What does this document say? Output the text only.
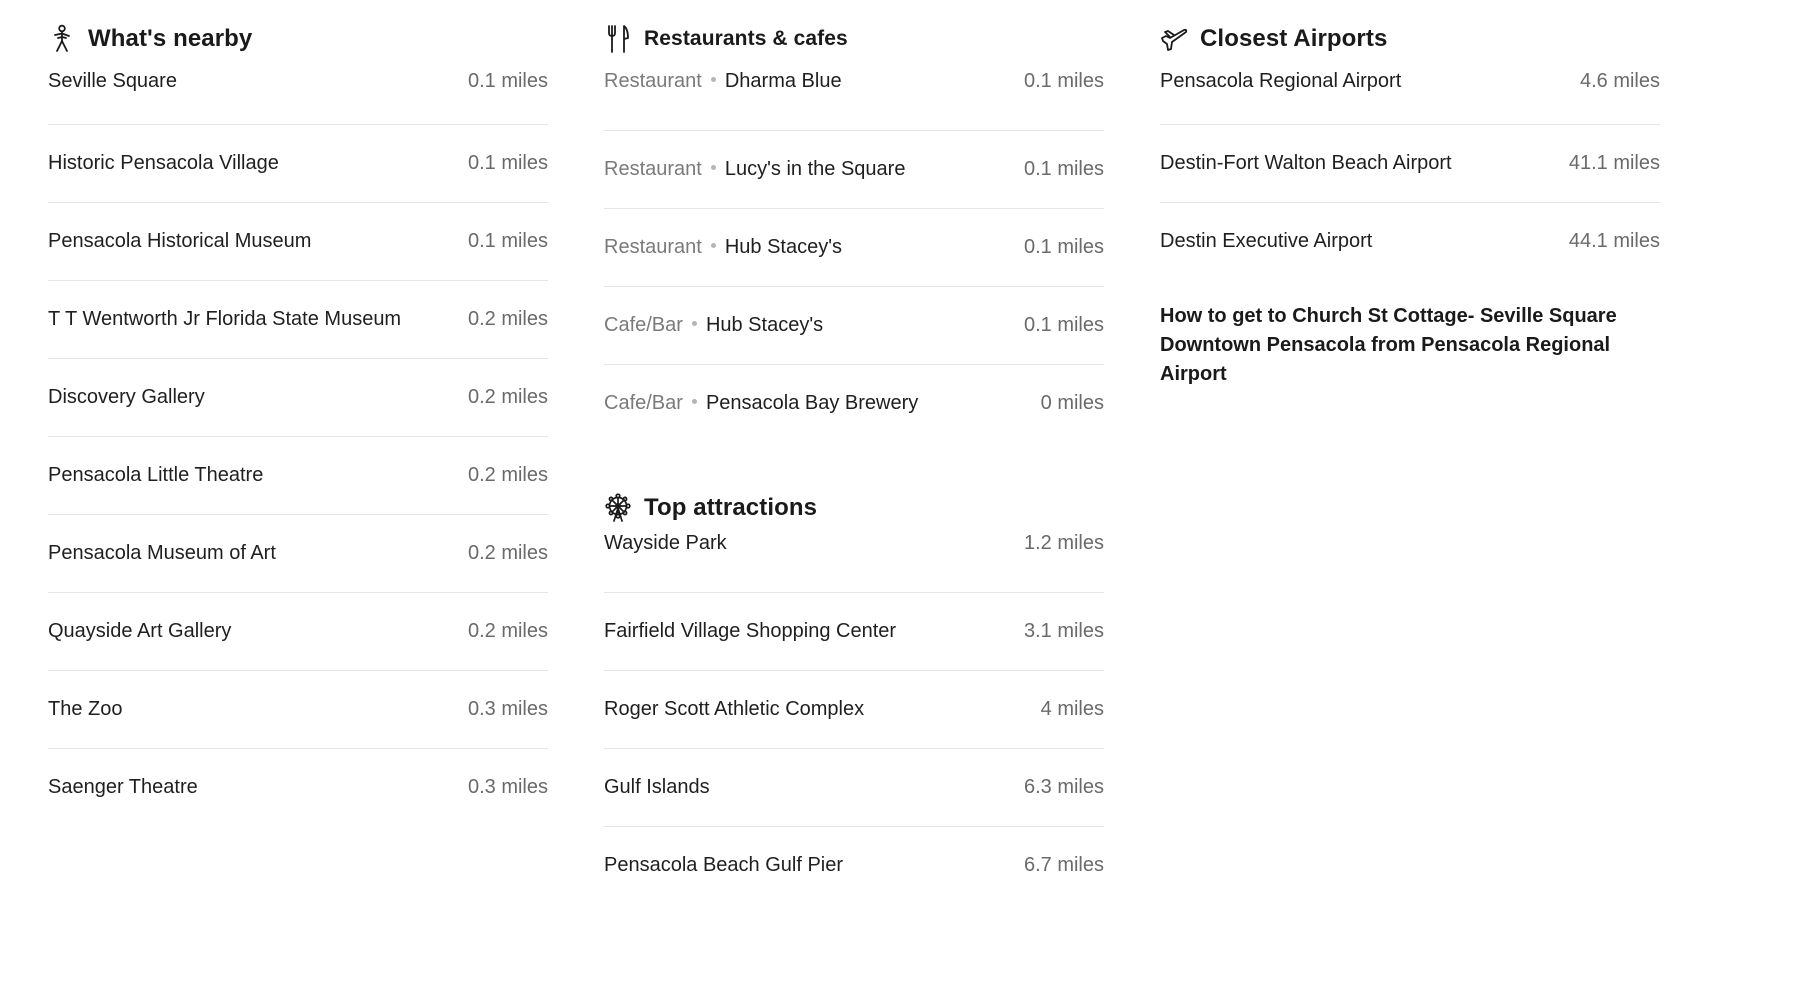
What's nearby
Seville Square	0.1 miles
Historic Pensacola Village	0.1 miles
Pensacola Historical Museum	0.1 miles
T T Wentworth Jr Florida State Museum	0.2 miles
Discovery Gallery	0.2 miles
Pensacola Little Theatre	0.2 miles
Pensacola Museum of Art	0.2 miles
Quayside Art Gallery	0.2 miles
The Zoo	0.3 miles
Saenger Theatre	0.3 miles
Restaurants & cafes
Restaurant Dharma Blue	0.1 miles
Restaurant Lucy's in the Square	0.1 miles
Restaurant Hub Stacey's	0.1 miles
Cafe/Bar Hub Stacey's	0.1 miles
Cafe/Bar Pensacola Bay Brewery	0 miles
Top attractions
Wayside Park	1.2 miles
Fairfield Village Shopping Center	3.1 miles
Roger Scott Athletic Complex	4 miles
Gulf Islands	6.3 miles
Pensacola Beach Gulf Pier	6.7 miles
Closest Airports
Pensacola Regional Airport	4.6 miles
Destin-Fort Walton Beach Airport	41.1 miles
Destin Executive Airport	44.1 miles
How to get to Church St Cottage- Seville Square Downtown Pensacola from Pensacola Regional Airport
